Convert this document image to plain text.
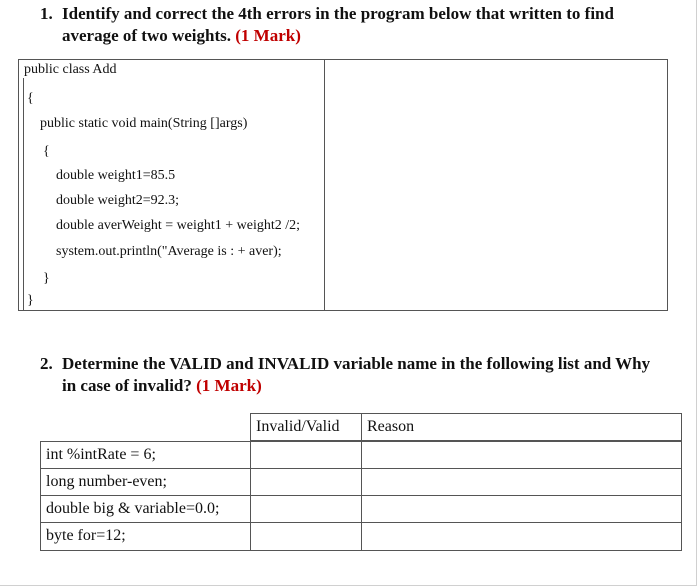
1. Identify and correct the 4th errors in the program below that written to find
average of two weights. (1 Mark)
public class Add
{
public static void main(String []args)
{
double weight1=85.5
double weight2=92.3;
double averWeight = weight1 + weight2 /2;
system.out.println("Average is : + aver);
}
}
2. Determine the VALID and INVALID variable name in the following list and Why
in case of invalid? (1 Mark)
Invalid/Valid	Reason
int %intRate = 6;
long number-even;
double big & variable=0.0;
byte for=12;
